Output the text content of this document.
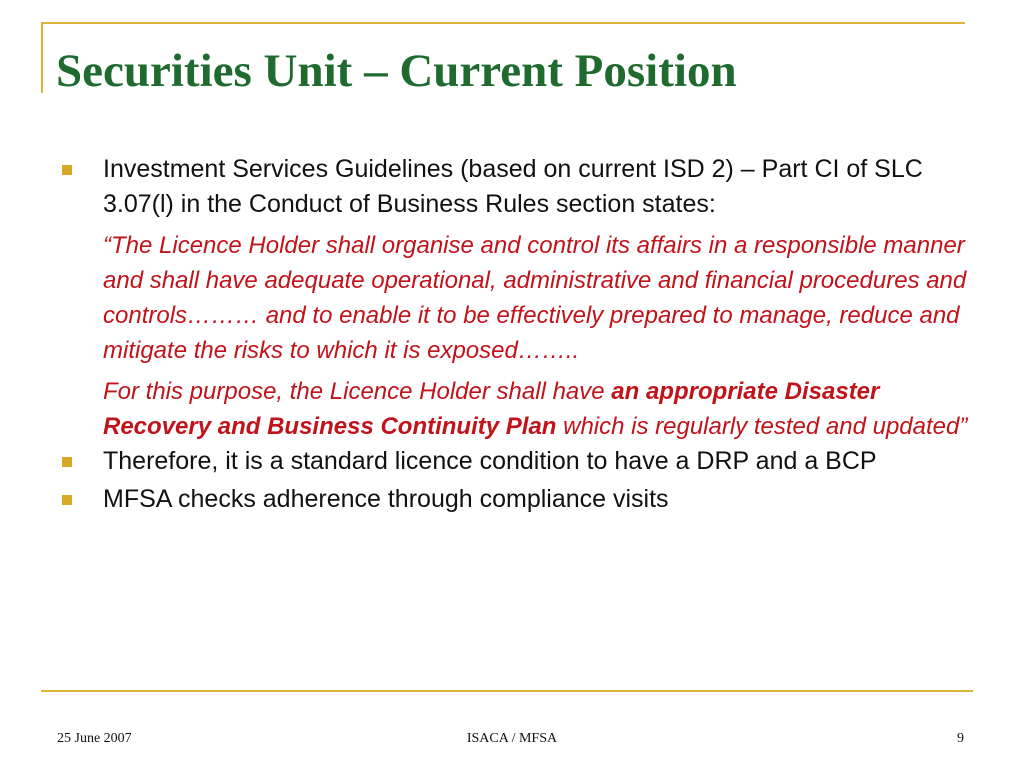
Securities Unit – Current Position
Investment Services Guidelines (based on current ISD 2) – Part CI of SLC 3.07(l) in the Conduct of Business Rules section states:
“The Licence Holder shall organise and control its affairs in a responsible manner and shall have adequate operational, administrative and financial procedures and controls……… and to enable it to be effectively prepared to manage, reduce and mitigate the risks to which it is exposed……..
For this purpose, the Licence Holder shall have an appropriate Disaster Recovery and Business Continuity Plan which is regularly tested and updated”
Therefore, it is a standard licence condition to have a DRP and a BCP
MFSA checks adherence through compliance visits
25 June 2007	ISACA / MFSA	9
